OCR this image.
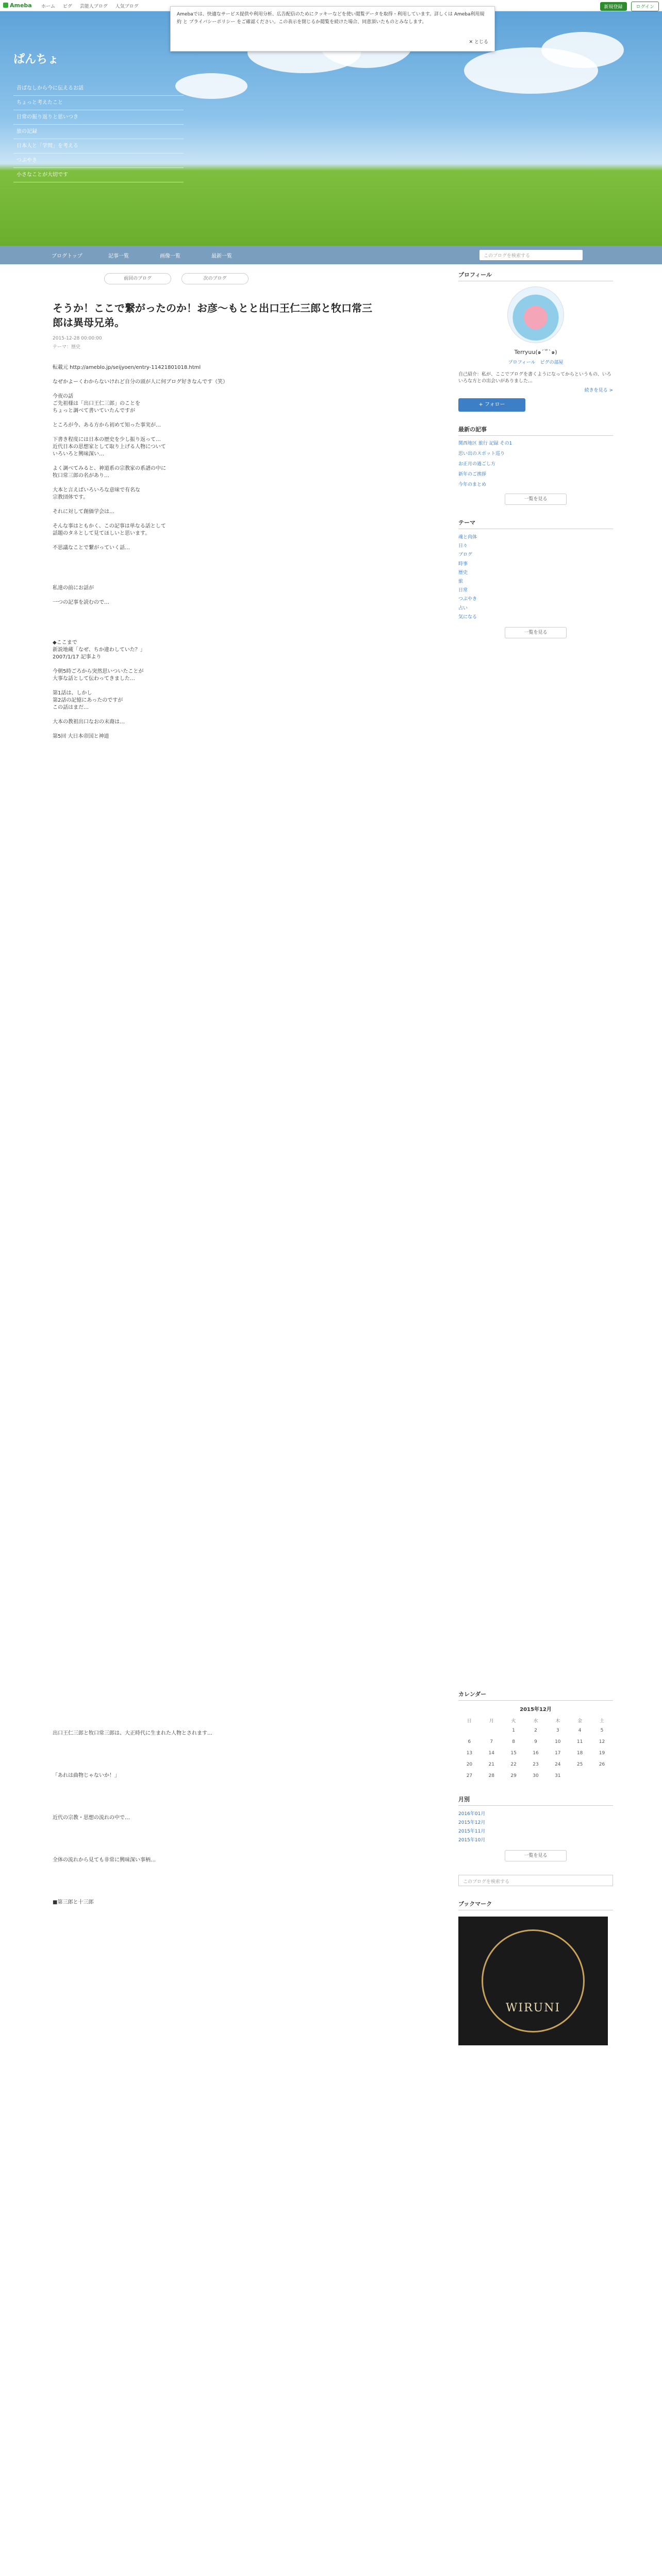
Ameba ホーム ピグ 芸能人ブログ 人気ブログ	新規登録	ログイン
Amebaでは、快適なサービス提供や利用分析、広告配信のためにクッキーなどを使い閲覧データを取得・利用しています。詳しくは Ameba利用規約 と プライバシーポリシー をご確認ください。この表示を閉じるか閲覧を続けた場合、同意頂いたものとみなします。
✕ とじる
ぱんちょ
昔ばなしから今に伝えるお話
ちょっと考えたこと
日常の振り返りと思いつき
旅の記録
日本人と「学問」を考える
つぶやき
小さなことが大切です
ブログトップ	記事一覧	画像一覧	最新一覧	このブログを検索する
前回のブログ	次のブログ
そうか！ここで繋がったのか！お彦～もとと出口王仁三郎と牧口常三郎は異母兄弟。
2015-12-28 00:00:00
テーマ：歴史

転載元 http://ameblo.jp/seijyoen/entry-11421801018.html

なぜかよーくわからないけれど自分の頭が人に何ブログ好きなんです（笑）

今夜の話
ご先祖様は「出口王仁三郎」のことを
ちょっと調べて書いていたんですが

ところが今、ある方から初めて知った事実が…

下書き程度には日本の歴史を少し振り返って…
近代日本の思想家として取り上げる人物について
いろいろと興味深い…

よく調べてみると、神道系の宗教家の系譜の中に
牧口常三郎の名があり…

大本と言えばいろいろな意味で有名な
宗教団体です。

それに対して創価学会は…

そんな事はともかく、この記事は単なる話として
話題のタネとして見てほしいと思います。

不思議なことで繋がっていく話…

私達の前にお話が

一つの記事を読むので…

◆ここまで
新説地蔵「なぜ、ちか違わしていた？」
2007/1/17 記事より

今朝5時ごろから突然思いついたことが
大事な話として伝わってきました…

第1話は、しかし
第2話の記憶にあったのですが
この話はまだ…

大本の教祖出口なおの末裔は…

第5回 大日本帝国と神道

出口王仁三郎と牧口常三郎は、大正時代に生まれた人物とされます…

「あれは曲物じゃないか！」

近代の宗教・思想の流れの中で…

全体の流れから見ても非常に興味深い事柄…

■第三郎と十三郎

プロフィール
Terryuu(๑ˊ꒳ˋ๑)
プロフィール　ピグの部屋
自己紹介：私が、ここでブログを書くようになってからというもの、いろいろな方との出会いがありました…
続きを見る >
+ フォロー
最新の記事
関西地区 旅行 記録 その1
思い出のスポット巡り
お正月の過ごし方
新年のご挨拶
今年のまとめ
一覧を見る
テーマ
魂と肉体
日々
ブログ
時事
歴史
旅
日常
つぶやき
占い
気になる
一覧を見る
カレンダー
2015年12月
日	月	火	水	木	金	土
		1	2	3	4	5
6	7	8	9	10	11	12
13	14	15	16	17	18	19
20	21	22	23	24	25	26
27	28	29	30	31		
月別
2016年01月
2015年12月
2015年11月
2015年10月
一覧を見る
このブログを検索する
ブックマーク
WIRUNI
